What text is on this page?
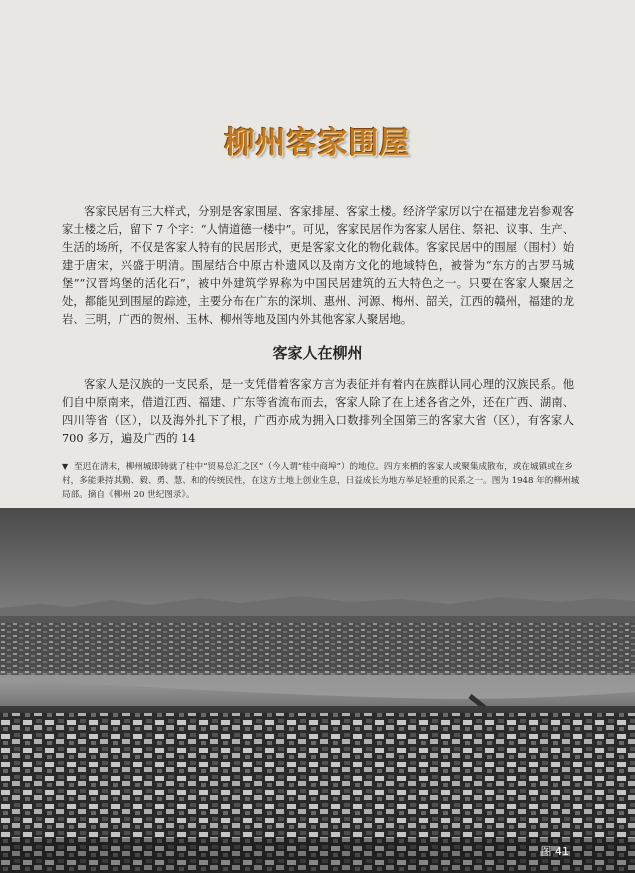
柳州客家围屋

客家民居有三大样式，分别是客家围屋、客家排屋、客家土楼。经济学家厉以宁在福建龙岩参观客家土楼之后，留下 7 个字：“人情道德一楼中”。可见，客家民居作为客家人居住、祭祀、议事、生产、生活的场所，不仅是客家人特有的民居形式，更是客家文化的物化载体。客家民居中的围屋（围村）始建于唐宋，兴盛于明清。围屋结合中原古朴遗风以及南方文化的地域特色，被誉为“东方的古罗马城堡”“汉晋坞堡的活化石”，被中外建筑学界称为中国民居建筑的五大特色之一。只要在客家人聚居之处，都能见到围屋的踪迹，主要分布在广东的深圳、惠州、河源、梅州、韶关，江西的赣州，福建的龙岩、三明，广西的贺州、玉林、柳州等地及国内外其他客家人聚居地。

客家人在柳州

客家人是汉族的一支民系，是一支凭借着客家方言为表征并有着内在族群认同心理的汉族民系。他们自中原南来，借道江西、福建、广东等省流布而去，客家人除了在上述各省之外，还在广西、湖南、四川等省（区），以及海外扎下了根，广西亦成为拥入口数排列全国第三的客家大省（区），有客家人 700 多万，遍及广西的 14

▼ 至迟在清末，柳州城即铸就了柱中“贸易总汇之区”（今人谓“桂中商埠”）的地位。四方来栖的客家人或聚集成散布，或在城镇或在乡村，多能秉持其勤、毅、勇、慧、和的传统民性，在这方土地上创业生息，日益成长为地方举足轻重的民系之一。图为 1948 年的柳州城局部。摘自《柳州 20 世纪图录》。

图 41
